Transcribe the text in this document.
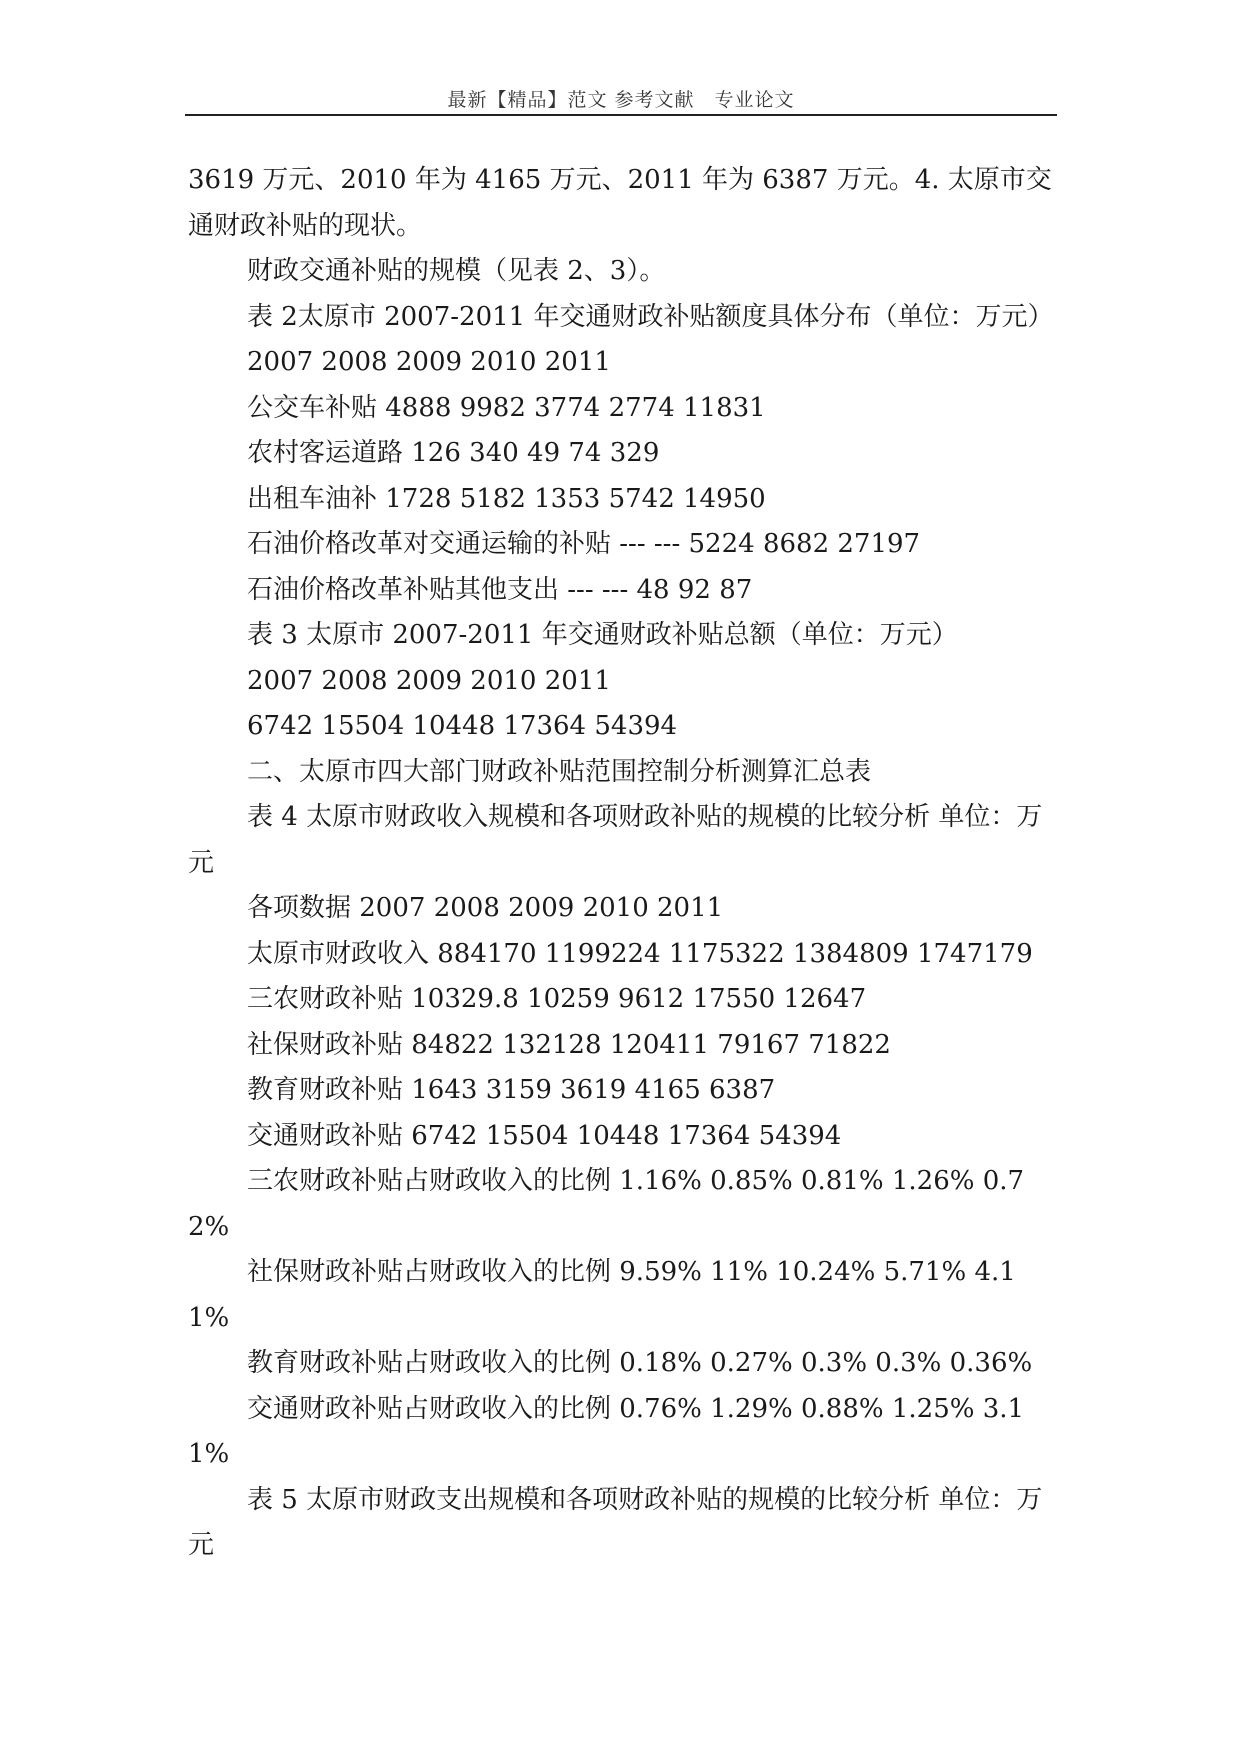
最新【精品】范文 参考文献　专业论文

3619 万元、2010 年为 4165 万元、2011 年为 6387 万元。4. 太原市交通财政补贴的现状。

财政交通补贴的规模（见表 2、3）。

表 2太原市 2007-2011 年交通财政补贴额度具体分布（单位：万元）

2007 2008 2009 2010 2011

公交车补贴 4888 9982 3774 2774 11831

农村客运道路 126 340 49 74 329

出租车油补 1728 5182 1353 5742 14950

石油价格改革对交通运输的补贴 --- --- 5224 8682 27197

石油价格改革补贴其他支出 --- --- 48 92 87

表 3 太原市 2007-2011 年交通财政补贴总额（单位：万元）

2007 2008 2009 2010 2011

6742 15504 10448 17364 54394

二、太原市四大部门财政补贴范围控制分析测算汇总表

表 4 太原市财政收入规模和各项财政补贴的规模的比较分析 单位：万元

各项数据 2007 2008 2009 2010 2011

太原市财政收入 884170 1199224 1175322 1384809 1747179

三农财政补贴 10329.8 10259 9612 17550 12647

社保财政补贴 84822 132128 120411 79167 71822

教育财政补贴 1643 3159 3619 4165 6387

交通财政补贴 6742 15504 10448 17364 54394

三农财政补贴占财政收入的比例 1.16% 0.85% 0.81% 1.26% 0.72%

社保财政补贴占财政收入的比例 9.59% 11% 10.24% 5.71% 4.11%

教育财政补贴占财政收入的比例 0.18% 0.27% 0.3% 0.3% 0.36%

交通财政补贴占财政收入的比例 0.76% 1.29% 0.88% 1.25% 3.11%

表 5 太原市财政支出规模和各项财政补贴的规模的比较分析 单位：万元
